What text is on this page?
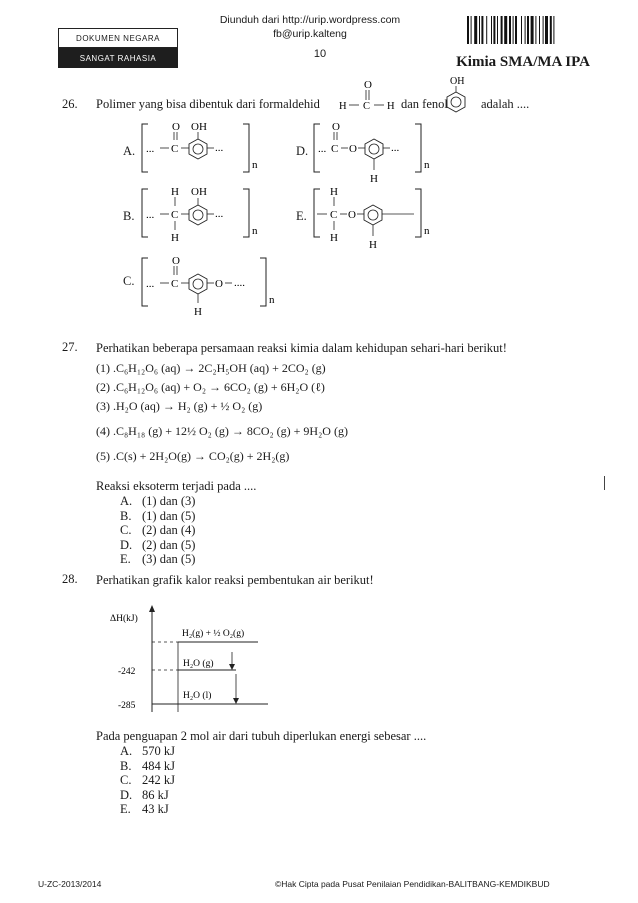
DOKUMEN NEGARA
SANGAT RAHASIA
Diunduh dari http://urip.wordpress.com
fb@urip.kalteng
10	Kimia SMA/MA IPA
26. Polimer yang bisa dibentuk dari formaldehid
O
H C H dan fenol
OH
adalah ....
A.
B.
C.
D.
E.
... C
O OH
...
n
... C
O
O
H
...
n
... C
H
H
OH
...
n
C
H
H
O
H
n
... C
O
H
O ....
n
27. Perhatikan beberapa persamaan reaksi kimia dalam kehidupan sehari-hari berikut!
(1) .C₆H₁₂O₆ (aq) → 2C₂H₅OH (aq) + 2CO₂ (g)
(2) .C₆H₁₂O₆ (aq) + O₂ → 6CO₂ (g) + 6H₂O (ℓ)
(3) .H₂O (aq) → H₂ (g) + ½ O₂ (g)
(4) .C₈H₁₈ (g) + 12½ O₂ (g) → 8CO₂ (g) + 9H₂O (g)
(5) .C(s) + 2H₂O(g) → CO₂(g) + 2H₂(g)
Reaksi eksoterm terjadi pada ....
A. (1) dan (3)
B. (1) dan (5)
C. (2) dan (4)
D. (2) dan (5)
E. (3) dan (5)
28. Perhatikan grafik kalor reaksi pembentukan air berikut!
ΔH(kJ)
H₂(g) + ½ O₂(g)
H₂O (g)
H₂O (l)
-242
-285
Pada penguapan 2 mol air dari tubuh diperlukan energi sebesar ....
A. 570 kJ
B. 484 kJ
C. 242 kJ
D. 86 kJ
E. 43 kJ
U-ZC-2013/2014	©Hak Cipta pada Pusat Penilaian Pendidikan-BALITBANG-KEMDIKBUD
